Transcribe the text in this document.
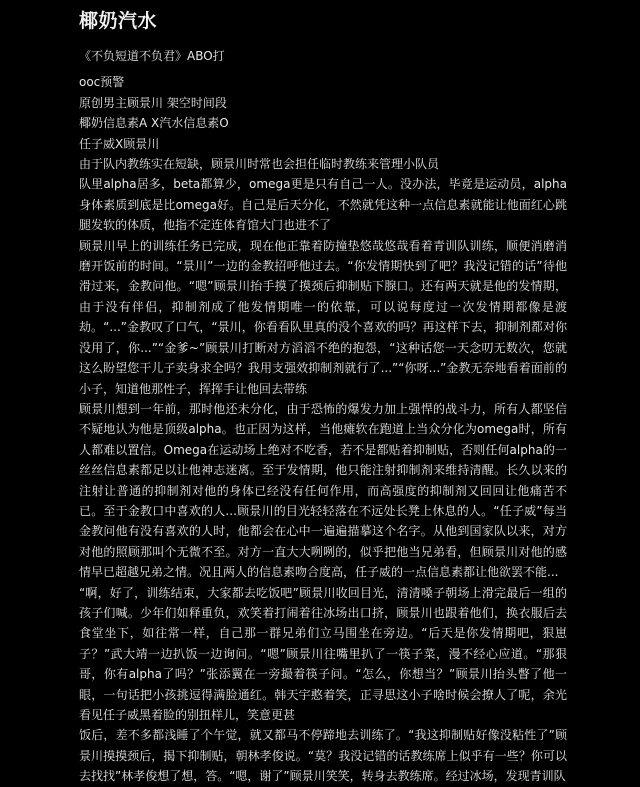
椰奶汽水

《不负短道不负君》ABO打

ooc预警

原创男主顾景川 架空时间段

椰奶信息素A X汽水信息素O

任子威X顾景川

由于队内教练实在短缺，顾景川时常也会担任临时教练来管理小队员

队里alpha居多，beta都算少，omega更是只有自己一人。没办法，毕竟是运动员，alpha身体素质到底是比omega好。自己是后天分化，不然就凭这种一点信息素就能让他面红心跳腿发软的体质，他指不定连体育馆大门也进不了

顾景川早上的训练任务已完成，现在他正靠着防撞垫悠哉悠哉看着青训队训练，顺便消磨消磨开饭前的时间。“景川”一边的金教招呼他过去。“你发情期快到了吧？我没记错的话”待他滑过来，金教问他。“嗯”顾景川抬手摸了摸颈后抑制贴下腺口。还有两天就是他的发情期，由于没有伴侣，抑制剂成了他发情期唯一的依靠，可以说每度过一次发情期都像是渡劫。“...”金教叹了口气，“景川，你看看队里真的没个喜欢的吗？再这样下去，抑制剂都对你没用了，你...”“金爹~”顾景川打断对方滔滔不绝的抱怨，“这种话您一天念叨无数次，您就这么盼望您干儿子卖身求全吗？我用支强效抑制剂就行了...”“你呀...”金教无奈地看着面前的小子，知道他那性子，挥挥手让他回去带练

顾景川想到一年前，那时他还未分化，由于恐怖的爆发力加上强悍的战斗力，所有人都坚信不疑地认为他是顶级alpha。也正因为这样，当他瘫软在跑道上当众分化为omega时，所有人都难以置信。Omega在运动场上绝对不吃香，若不是都贴着抑制贴，否则任何alpha的一丝丝信息素都足以让他神志迷离。至于发情期，他只能注射抑制剂来维持清醒。长久以来的注射让普通的抑制剂对他的身体已经没有任何作用，而高强度的抑制剂又回回让他痛苦不已。至于金教口中喜欢的人...顾景川的目光轻轻落在不远处长凳上休息的人。“任子威”每当金教问他有没有喜欢的人时，他都会在心中一遍遍描摹这个名字。从他到国家队以来，对方对他的照顾那叫个无微不至。对方一直大大咧咧的，似乎把他当兄弟看，但顾景川对他的感情早已超越兄弟之情。况且两人的信息素吻合度高，任子威的一点信息素都让他欲罢不能...

“啊，好了，训练结束，大家都去吃饭吧”顾景川收回目光，清清嗓子朝场上滑完最后一组的孩子们喊。少年们如释重负，欢笑着打闹着往冰场出口挤，顾景川也跟着他们，换衣服后去食堂坐下，如往常一样，自己那一群兄弟们立马围坐在旁边。“后天是你发情期吧，狠崽子？”武大靖一边扒饭一边询问。“嗯”顾景川往嘴里扒了一筷子菜，漫不经心应道。“那狠哥，你有alpha了吗？”张添翼在一旁撮着筷子问。“怎么，你想当？”顾景川抬头瞥了他一眼，一句话把小孩挑逗得满脸通红。韩天宇憨着笑，正寻思这小子啥时候会撩人了呢，余光看见任子威黑着脸的别扭样儿，笑意更甚

饭后，差不多都浅睡了个午觉，就又都马不停蹄地去训练了。“我这抑制贴好像没粘性了”顾景川摸摸颈后，揭下抑制贴，朝林孝俊说。“莫？我没记错的话教练席上似乎有一些？你可以去找找”林孝俊想了想，答。“嗯，谢了”顾景川笑笑，转身去教练席。经过冰场，发现青训队
